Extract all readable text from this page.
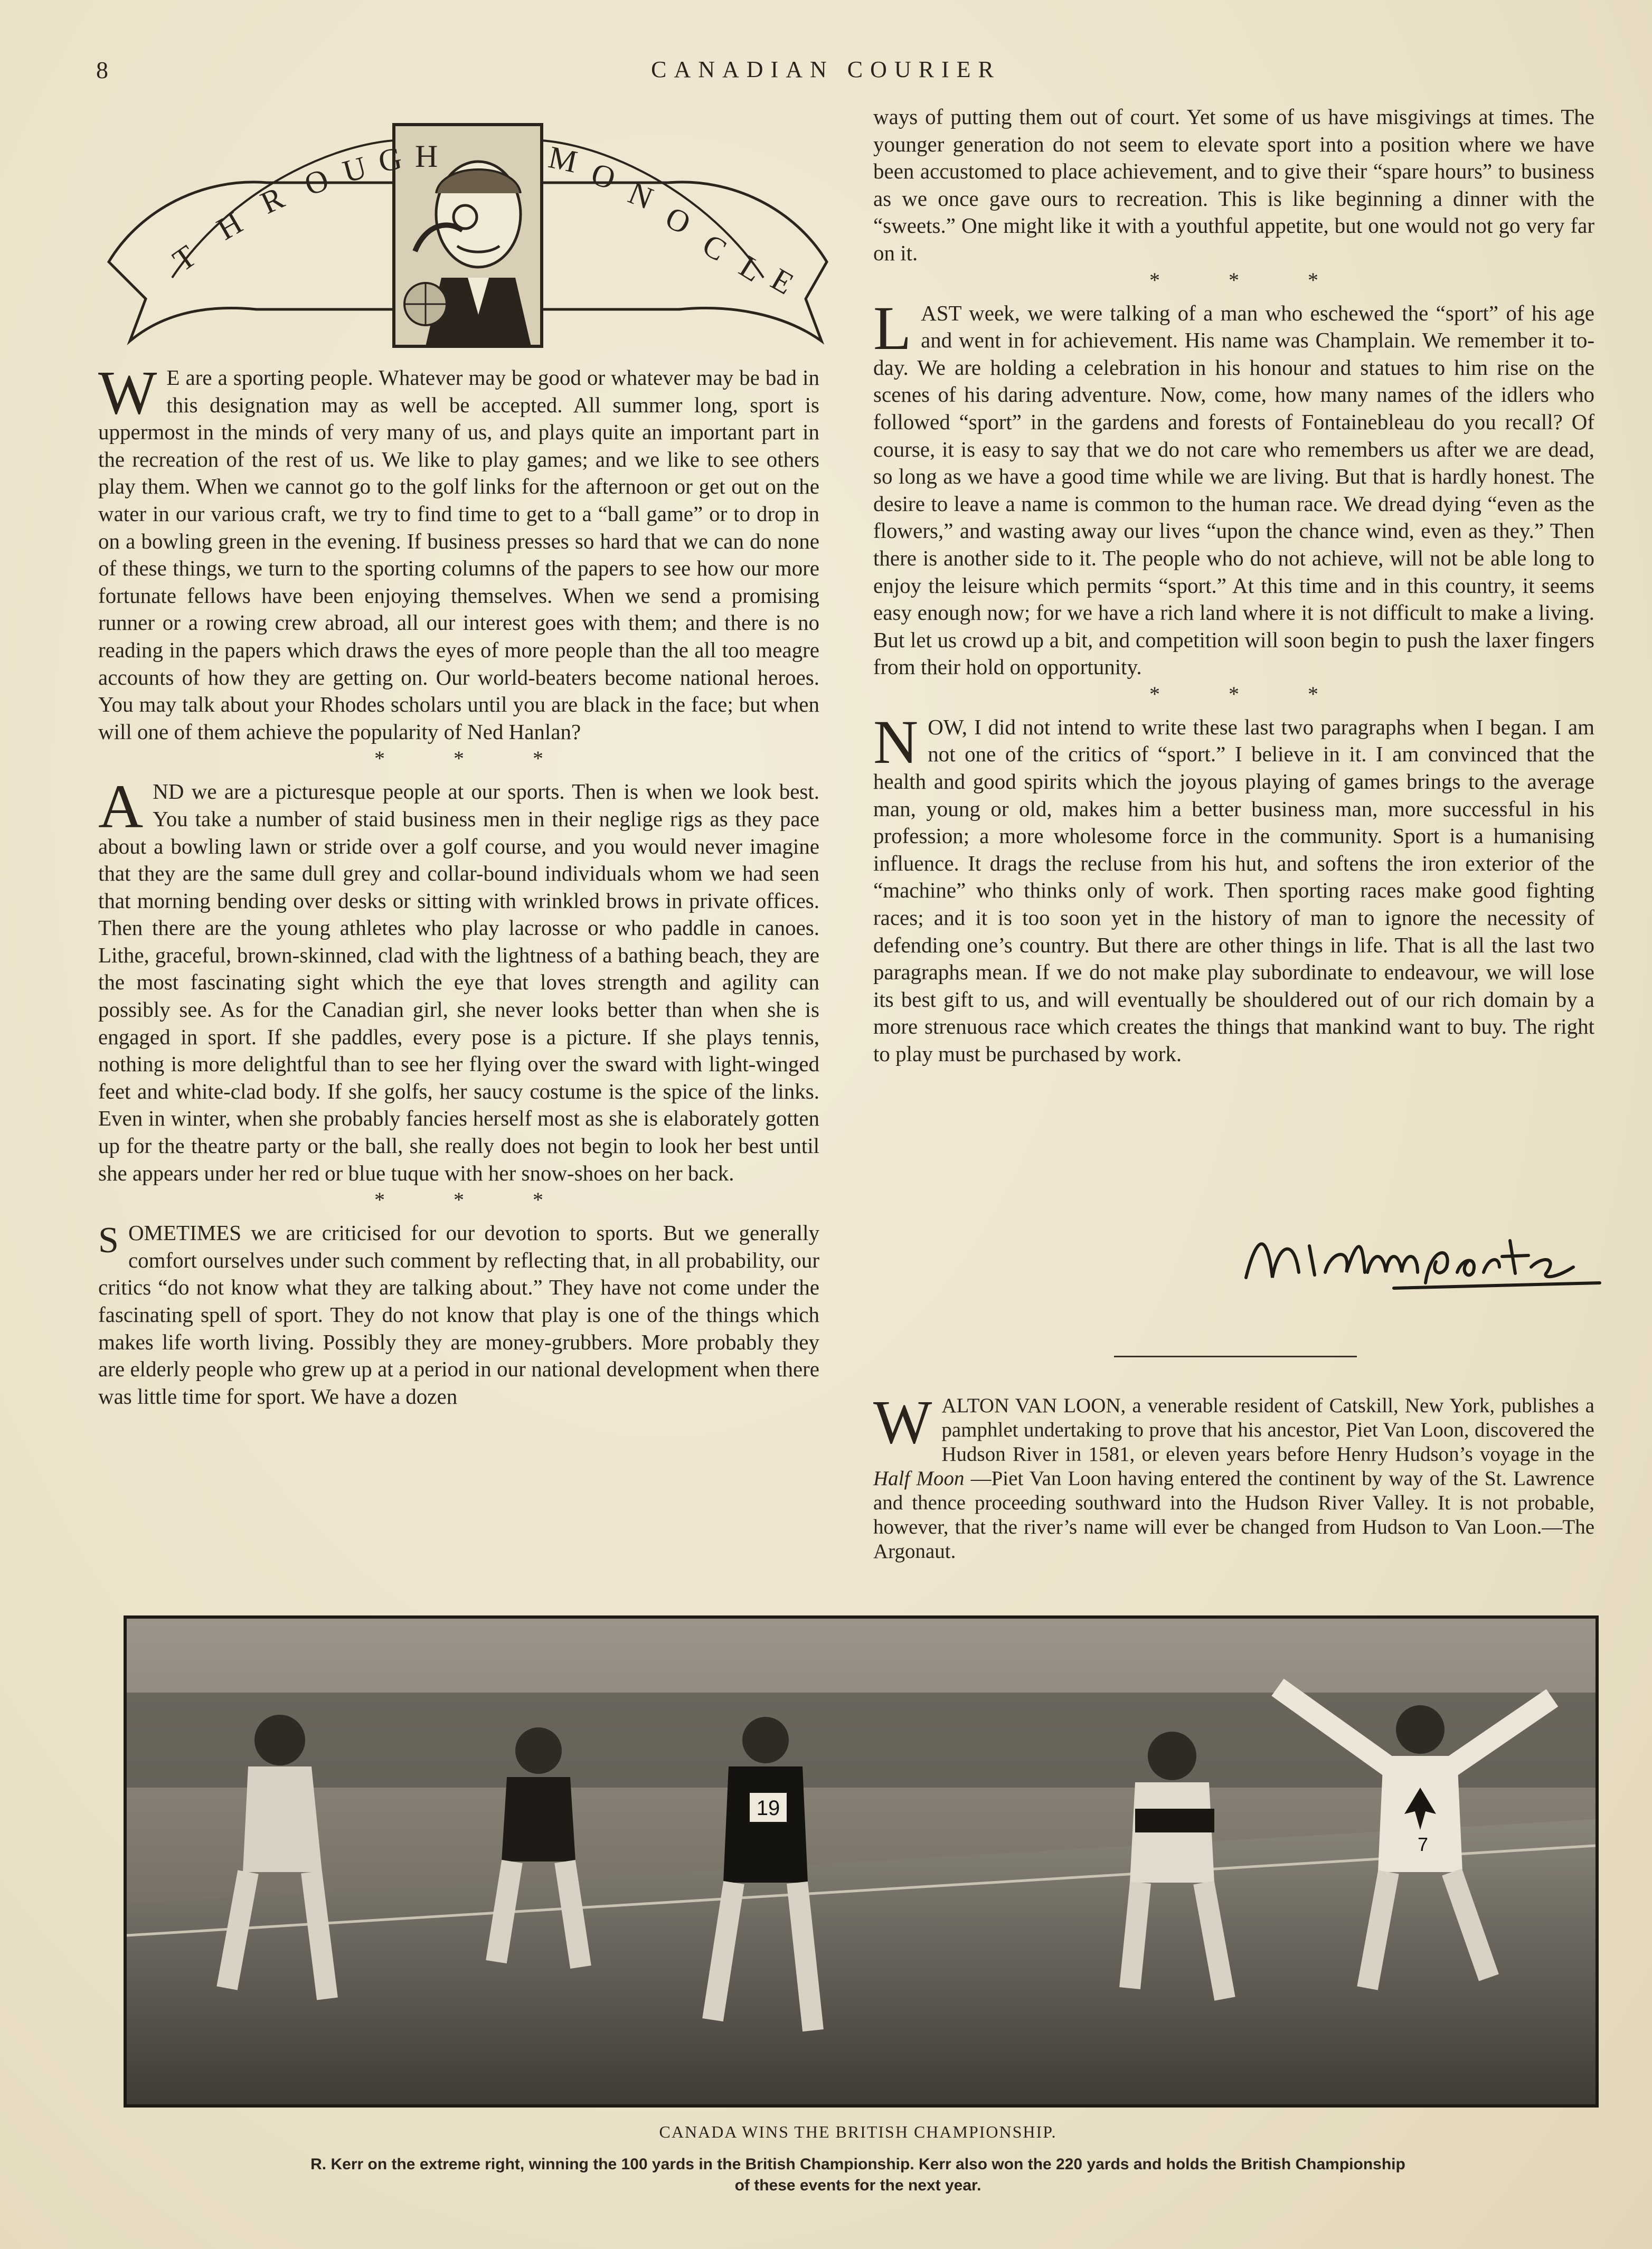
8	CANADIAN COURIER
T
H
R O U G H	M O N
O
C
L
E

W E are a sporting people. Whatever may be good or whatever may be bad in this designation may as well be accepted. All summer long, sport is uppermost in the minds of very many of us, and plays quite an important part in the recreation of the rest of us. We like to play games; and we like to see others play them. When we cannot go to the golf links for the afternoon or get out on the water in our various craft, we try to find time to get to a “ball game” or to drop in on a bowling green in the evening. If business presses so hard that we can do none of these things, we turn to the sporting columns of the papers to see how our more fortunate fellows have been enjoying themselves. When we send a promising runner or a rowing crew abroad, all our interest goes with them; and there is no reading in the papers which draws the eyes of more people than the all too meagre accounts of how they are getting on. Our world-beaters become national heroes. You may talk about your Rhodes scholars until you are black in the face; but when will one of them achieve the popularity of Ned Hanlan?

* * *

AND we are a picturesque people at our sports. Then is when we look best. You take a number of staid business men in their neglige rigs as they pace about a bowling lawn or stride over a golf course, and you would never imagine that they are the same dull grey and collar-bound individuals whom we had seen that morning bending over desks or sitting with wrinkled brows in private offices. Then there are the young athletes who play lacrosse or who paddle in canoes. Lithe, graceful, brown-skinned, clad with the lightness of a bathing beach, they are the most fascinating sight which the eye that loves strength and agility can possibly see. As for the Canadian girl, she never looks better than when she is engaged in sport. If she paddles, every pose is a picture. If she plays tennis, nothing is more delightful than to see her flying over the sward with light-winged feet and white-clad body. If she golfs, her saucy costume is the spice of the links. Even in winter, when she probably fancies herself most as she is elaborately gotten up for the theatre party or the ball, she really does not begin to look her best until she appears under her red or blue tuque with her snow-shoes on her back.

* * *

SOMETIMES we are criticised for our devotion to sports. But we generally comfort ourselves under such comment by reflecting that, in all probability, our critics “do not know what they are talking about.” They have not come under the fascinating spell of sport. They do not know that play is one of the things which makes life worth living. Possibly they are money-grubbers. More probably they are elderly people who grew up at a period in our national development when there was little time for sport. We have a dozen

ways of putting them out of court. Yet some of us have misgivings at times. The younger generation do not seem to elevate sport into a position where we have been accustomed to place achievement, and to give their “spare hours” to business as we once gave ours to recreation. This is like beginning a dinner with the “sweets.” One might like it with a youthful appetite, but one would not go very far on it.

* * *

LAST week, we were talking of a man who eschewed the “sport” of his age and went in for achievement. His name was Champlain. We remember it to-day. We are holding a celebration in his honour and statues to him rise on the scenes of his daring adventure. Now, come, how many names of the idlers who followed “sport” in the gardens and forests of Fontainebleau do you recall? Of course, it is easy to say that we do not care who remembers us after we are dead, so long as we have a good time while we are living. But that is hardly honest. The desire to leave a name is common to the human race. We dread dying “even as the flowers,” and wasting away our lives “upon the chance wind, even as they.” Then there is another side to it. The people who do not achieve, will not be able long to enjoy the leisure which permits “sport.” At this time and in this country, it seems easy enough now; for we have a rich land where it is not difficult to make a living. But let us crowd up a bit, and competition will soon begin to push the laxer fingers from their hold on opportunity.

* * *

NOW, I did not intend to write these last two paragraphs when I began. I am not one of the critics of “sport.” I believe in it. I am convinced that the health and good spirits which the joyous playing of games brings to the average man, young or old, makes him a better business man, more successful in his profession; a more wholesome force in the community. Sport is a humanising influence. It drags the recluse from his hut, and softens the iron exterior of the “machine” who thinks only of work. Then sporting races make good fighting races; and it is too soon yet in the history of man to ignore the necessity of defending one’s country. But there are other things in life. That is all the last two paragraphs mean. If we do not make play subordinate to endeavour, we will lose its best gift to us, and will eventually be shouldered out of our rich domain by a more strenuous race which creates the things that mankind want to buy. The right to play must be purchased by work.

WALTON VAN LOON, a venerable resident of Catskill, New York, publishes a pamphlet undertaking to prove that his ancestor, Piet Van Loon, discovered the Hudson River in 1581, or eleven years before Henry Hudson’s voyage in the Half Moon —Piet Van Loon having entered the continent by way of the St. Lawrence and thence proceeding southward into the Hudson River Valley. It is not probable, however, that the river’s name will ever be changed from Hudson to Van Loon.—The Argonaut.

19
7
CANADA WINS THE BRITISH CHAMPIONSHIP.
R. Kerr on the extreme right, winning the 100 yards in the British Championship. Kerr also won the 220 yards and holds the British Championship
of these events for the next year.
